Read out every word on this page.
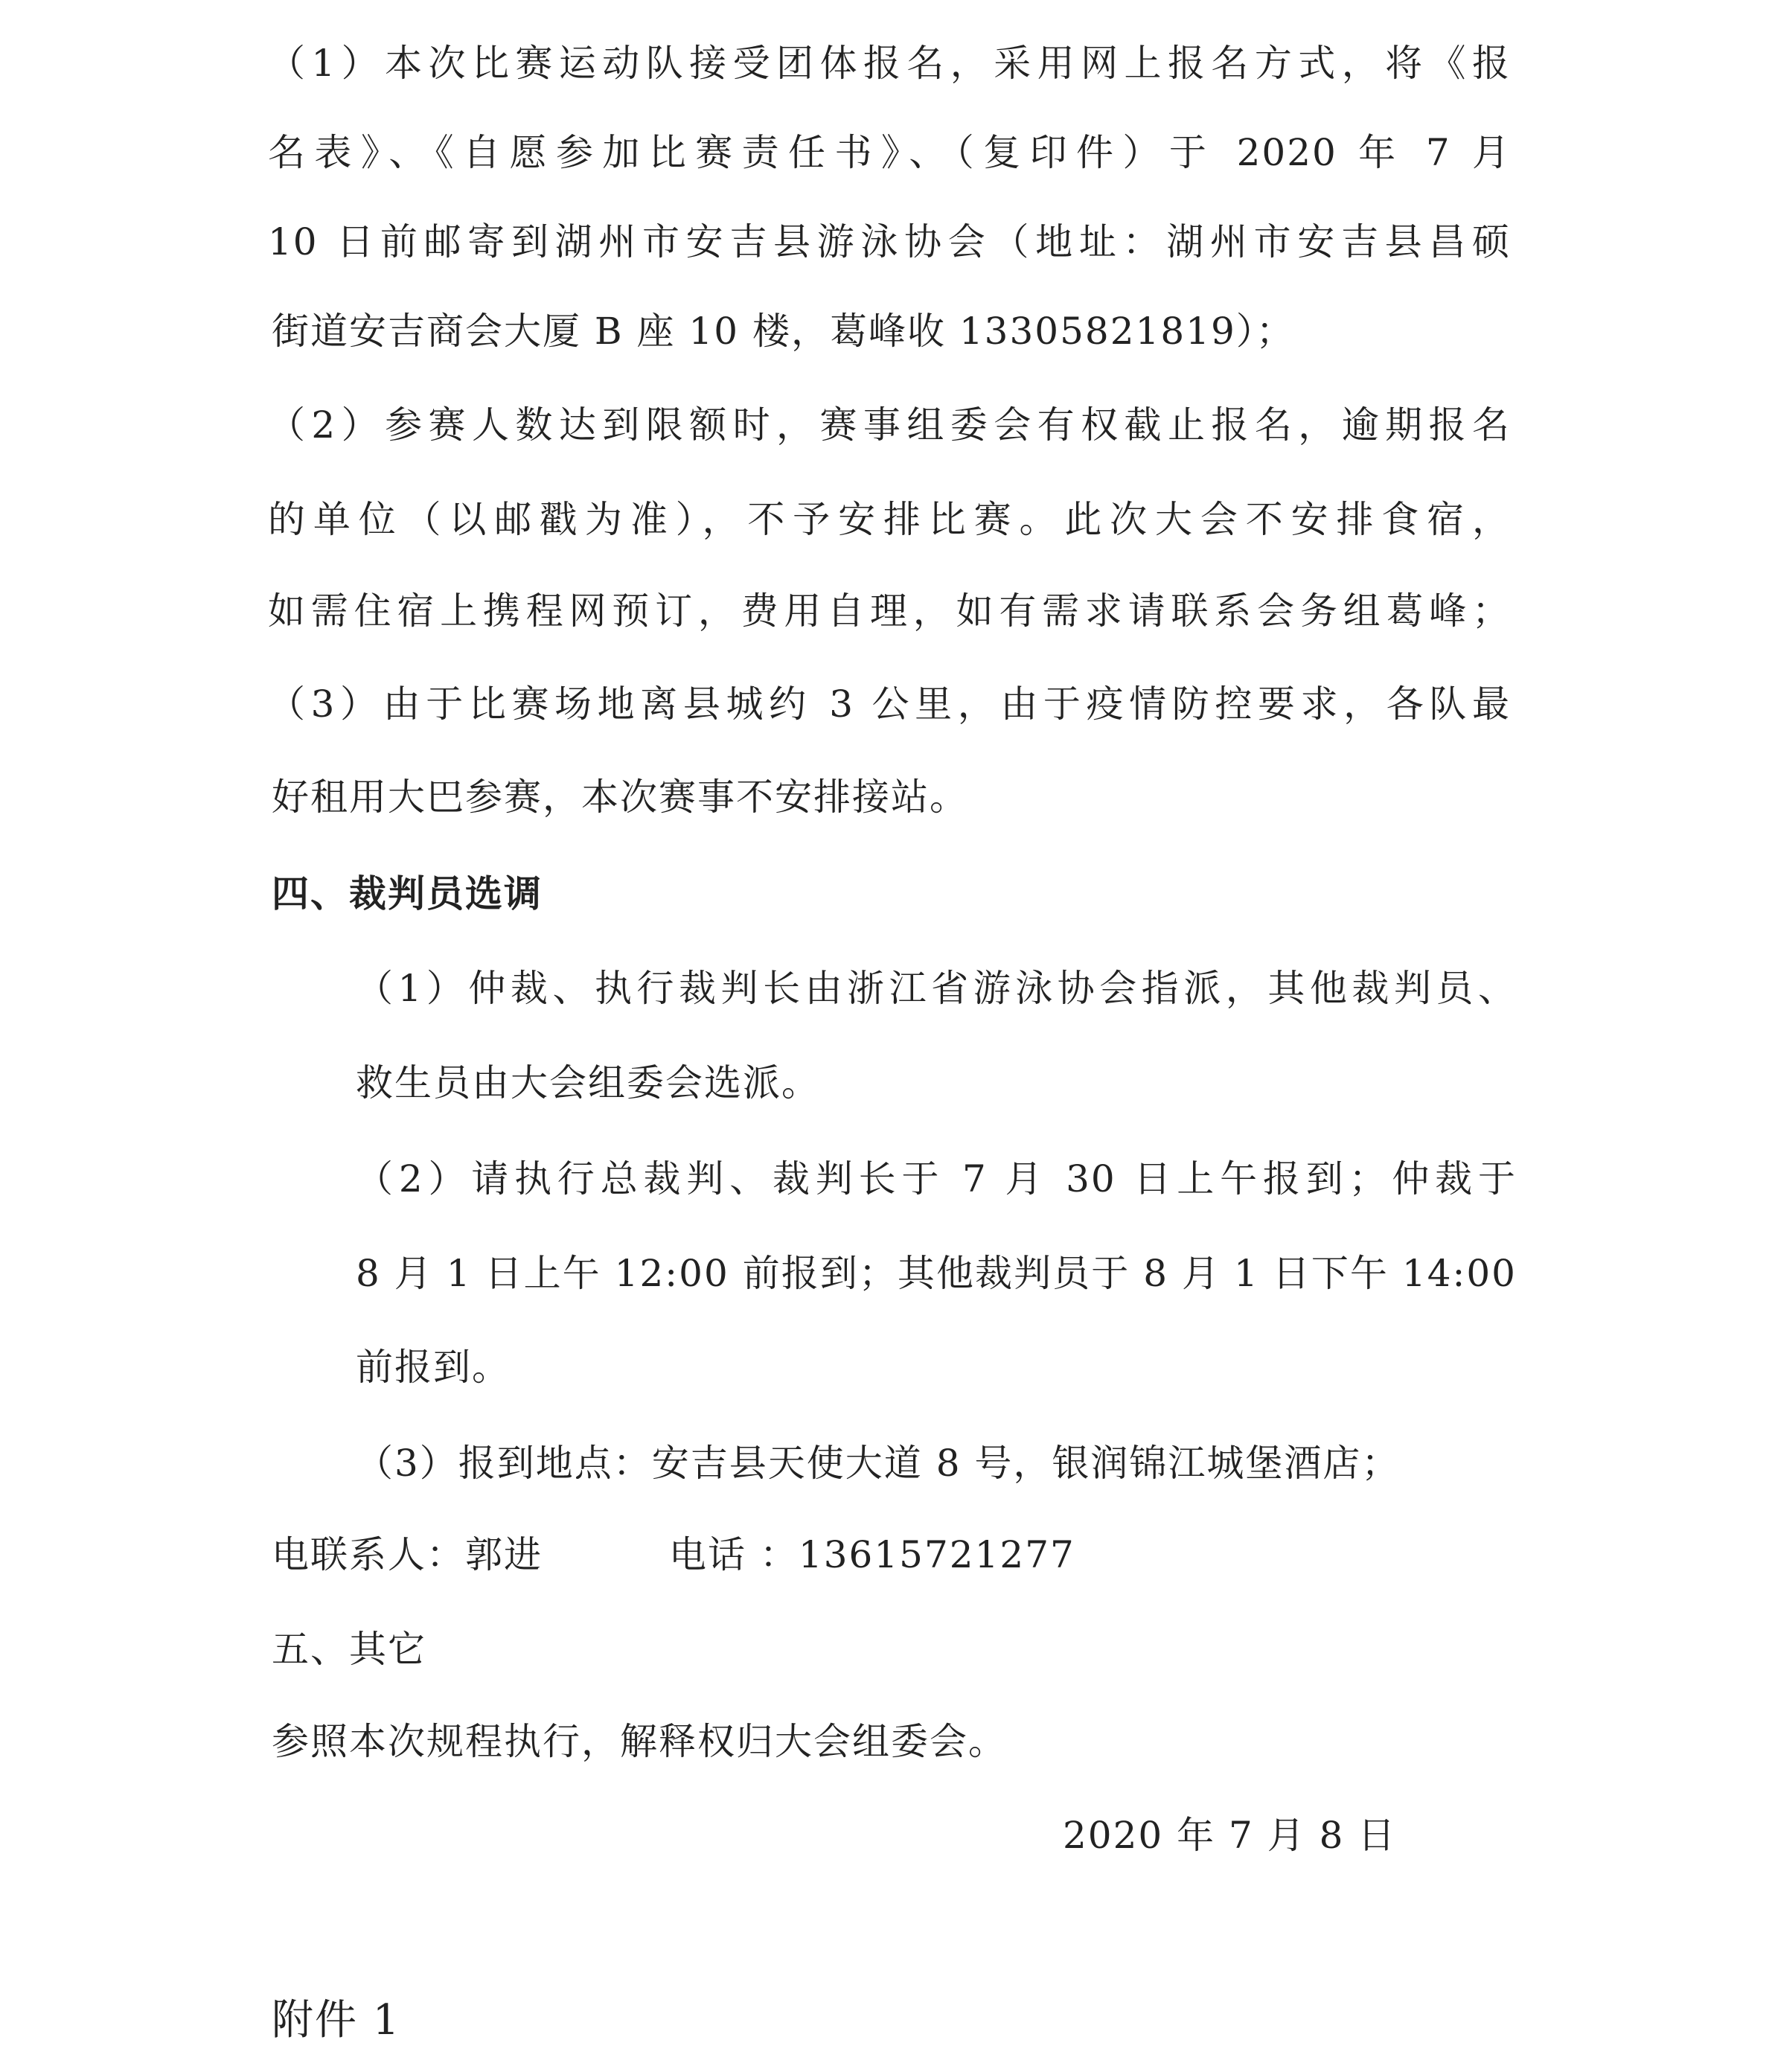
（1）本次比赛运动队接受团体报名，采用网上报名方式，将《报
名表》、《自愿参加比赛责任书》、（复印件）于 2020 年 7 月
10 日前邮寄到湖州市安吉县游泳协会（地址：湖州市安吉县昌硕
街道安吉商会大厦 B 座 10 楼，葛峰收 13305821819）；
（2）参赛人数达到限额时，赛事组委会有权截止报名，逾期报名
的单位（以邮戳为准），不予安排比赛。此次大会不安排食宿，
如需住宿上携程网预订，费用自理，如有需求请联系会务组葛峰；
（3）由于比赛场地离县城约 3 公里，由于疫情防控要求，各队最
好租用大巴参赛，本次赛事不安排接站。
四、裁判员选调
（1）仲裁、执行裁判长由浙江省游泳协会指派，其他裁判员、
救生员由大会组委会选派。
（2）请执行总裁判、裁判长于 7 月 30 日上午报到；仲裁于
8 月 1 日上午 12:00 前报到；其他裁判员于 8 月 1 日下午 14:00
前报到。
（3）报到地点：安吉县天使大道 8 号，银润锦江城堡酒店；
电联系人：郭进	电话 ：13615721277
五、其它
参照本次规程执行，解释权归大会组委会。
2020 年 7 月 8 日
附件 1
